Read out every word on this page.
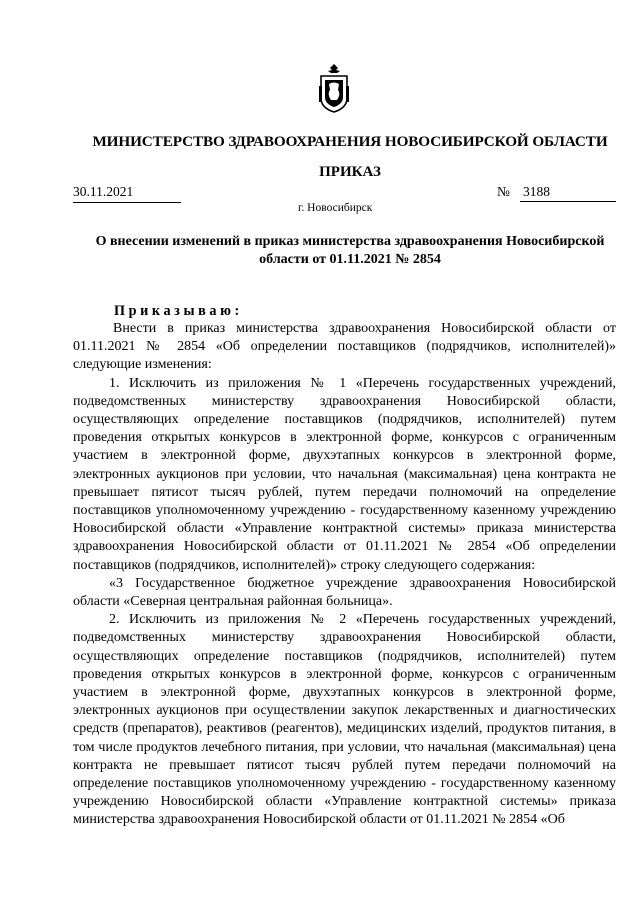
МИНИСТЕРСТВО ЗДРАВООХРАНЕНИЯ НОВОСИБИРСКОЙ ОБЛАСТИ
ПРИКАЗ
30.11.2021	№ 3188
г. Новосибирск
О внесении изменений в приказ министерства здравоохранения Новосибирской области от 01.11.2021 № 2854
Приказываю:

Внести в приказ министерства здравоохранения Новосибирской области от 01.11.2021 № 2854 «Об определении поставщиков (подрядчиков, исполнителей)» следующие изменения:

1. Исключить из приложения № 1 «Перечень государственных учреждений, подведомственных министерству здравоохранения Новосибирской области, осуществляющих определение поставщиков (подрядчиков, исполнителей) путем проведения открытых конкурсов в электронной форме, конкурсов с ограниченным участием в электронной форме, двухэтапных конкурсов в электронной форме, электронных аукционов при условии, что начальная (максимальная) цена контракта не превышает пятисот тысяч рублей, путем передачи полномочий на определение поставщиков уполномоченному учреждению - государственному казенному учреждению Новосибирской области «Управление контрактной системы» приказа министерства здравоохранения Новосибирской области от 01.11.2021 № 2854 «Об определении поставщиков (подрядчиков, исполнителей)» строку следующего содержания:

«3 Государственное бюджетное учреждение здравоохранения Новосибирской области «Северная центральная районная больница».

2. Исключить из приложения № 2 «Перечень государственных учреждений, подведомственных министерству здравоохранения Новосибирской области, осуществляющих определение поставщиков (подрядчиков, исполнителей) путем проведения открытых конкурсов в электронной форме, конкурсов с ограниченным участием в электронной форме, двухэтапных конкурсов в электронной форме, электронных аукционов при осуществлении закупок лекарственных и диагностических средств (препаратов), реактивов (реагентов), медицинских изделий, продуктов питания, в том числе продуктов лечебного питания, при условии, что начальная (максимальная) цена контракта не превышает пятисот тысяч рублей путем передачи полномочий на определение поставщиков уполномоченному учреждению - государственному казенному учреждению Новосибирской области «Управление контрактной системы» приказа министерства здравоохранения Новосибирской области от 01.11.2021 № 2854 «Об
